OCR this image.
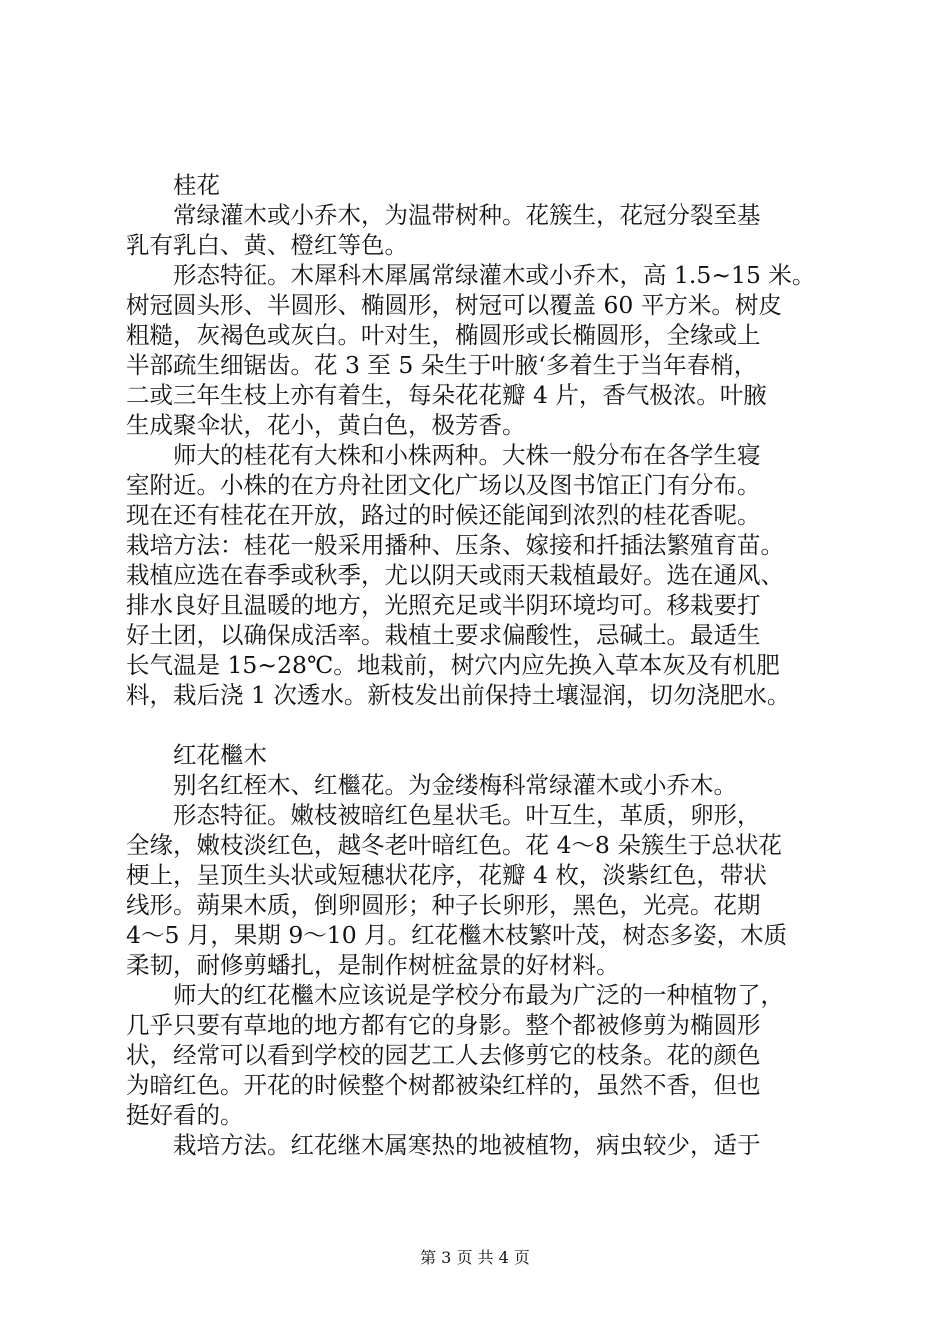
　　桂花
　　常绿灌木或小乔木，为温带树种。花簇生，花冠分裂至基
乳有乳白、黄、橙红等色。
　　形态特征。木犀科木犀属常绿灌木或小乔木，高 1.5~15 米。
树冠圆头形、半圆形、椭圆形，树冠可以覆盖 60 平方米。树皮
粗糙，灰褐色或灰白。叶对生，椭圆形或长椭圆形，全缘或上
半部疏生细锯齿。花 3 至 5 朵生于叶腋‘多着生于当年春梢，
二或三年生枝上亦有着生，每朵花花瓣 4 片，香气极浓。叶腋
生成聚伞状，花小，黄白色，极芳香。
　　师大的桂花有大株和小株两种。大株一般分布在各学生寝
室附近。小株的在方舟社团文化广场以及图书馆正门有分布。
现在还有桂花在开放，路过的时候还能闻到浓烈的桂花香呢。
栽培方法：桂花一般采用播种、压条、嫁接和扦插法繁殖育苗。
栽植应选在春季或秋季，尤以阴天或雨天栽植最好。选在通风、
排水良好且温暖的地方，光照充足或半阴环境均可。移栽要打
好土团，以确保成活率。栽植土要求偏酸性，忌碱土。最适生
长气温是 15~28℃。地栽前，树穴内应先换入草本灰及有机肥
料，栽后浇 1 次透水。新枝发出前保持土壤湿润，切勿浇肥水。
　　红花檵木
　　别名红桎木、红檵花。为金缕梅科常绿灌木或小乔木。
　　形态特征。嫩枝被暗红色星状毛。叶互生，革质，卵形，
全缘，嫩枝淡红色，越冬老叶暗红色。花 4～8 朵簇生于总状花
梗上，呈顶生头状或短穗状花序，花瓣 4 枚，淡紫红色，带状
线形。蒴果木质，倒卵圆形；种子长卵形，黑色，光亮。花期
4～5 月，果期 9～10 月。红花檵木枝繁叶茂，树态多姿，木质
柔韧，耐修剪蟠扎，是制作树桩盆景的好材料。
　　师大的红花檵木应该说是学校分布最为广泛的一种植物了，
几乎只要有草地的地方都有它的身影。整个都被修剪为椭圆形
状，经常可以看到学校的园艺工人去修剪它的枝条。花的颜色
为暗红色。开花的时候整个树都被染红样的，虽然不香，但也
挺好看的。
　　栽培方法。红花继木属寒热的地被植物，病虫较少，适于
第 3 页 共 4 页
